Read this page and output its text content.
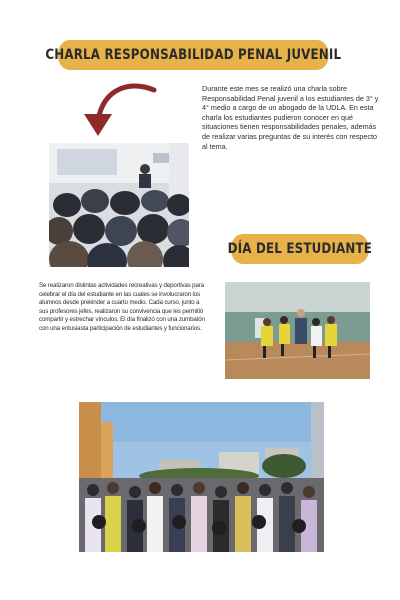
CHARLA RESPONSABILIDAD PENAL JUVENIL
Durante este mes se realizó una charla sobre Responsabilidad Penal juvenil a los estudiantes de 3° y 4° medio a cargo de un abogado de la UDLA. En esta charla los estudiantes pudieron conocer en qué situaciones tienen responsabilidades penales, además de realizar varias preguntas de su interés con respecto al tema.
DÍA DEL ESTUDIANTE
Se realizaron distintas actividades recreativas y deportivas para celebrar el día del estudiante en las cuales se involucraron los alumnos desde prekinder a cuarto medio. Cada curso, junto a sus profesores jefes, realizaron su convivencia que les permitió compartir y estrechar vínculos. El día finalizó con una zumbatón con una entusiasta participación de estudiantes y funcionarios.
